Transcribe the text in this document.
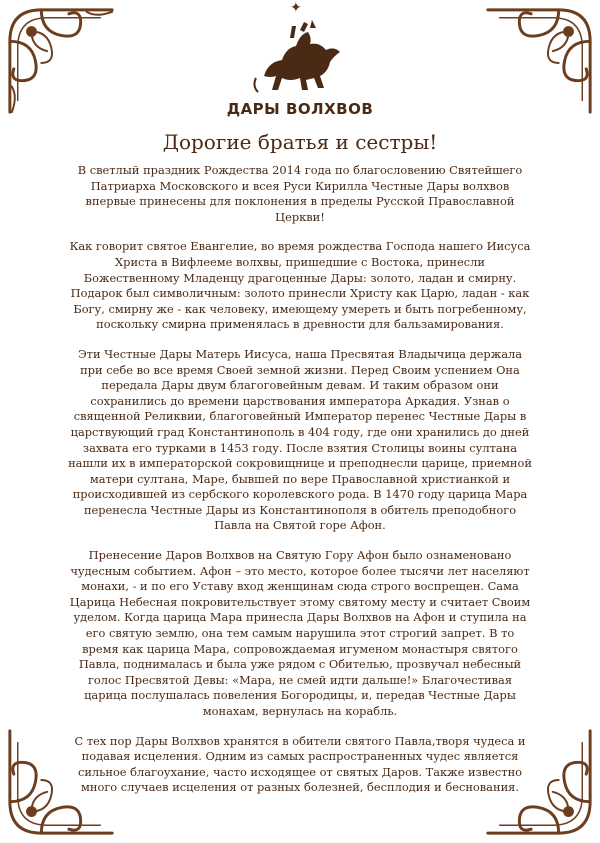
✦
ДАРЫ ВОЛХВОВ
Дорогие братья и сестры!

В светлый праздник Рождества 2014 года по благословению Святейшего Патриарха Московского и всея Руси Кирилла Честные Дары волхвов впервые принесены для поклонения в пределы Русской Православной Церкви!

Как говорит святое Евангелие, во время рождества Господа нашего Иисуса Христа в Вифлееме волхвы, пришедшие с Востока, принесли Божественному Младенцу драгоценные Дары: золото, ладан и смирну. Подарок был символичным: золото принесли Христу как Царю, ладан - как Богу, смирну же - как человеку, имеющему умереть и быть погребенному, поскольку смирна применялась в древности для бальзамирования.

Эти Честные Дары Матерь Иисуса, наша Пресвятая Владычица держала при себе во все время Своей земной жизни. Перед Своим успением Она передала Дары двум благоговейным девам. И таким образом они сохранились до времени царствования императора Аркадия. Узнав о священной Реликвии, благоговейный Император перенес Честные Дары в царствующий град Константинополь в 404 году, где они хранились до дней захвата его турками в 1453 году. После взятия Столицы воины султана нашли их в императорской сокровищнице и преподнесли царице, приемной матери султана, Маре, бывшей по вере Православной христианкой и происходившей из сербского королевского рода. В 1470 году царица Мара перенесла Честные Дары из Константинополя в обитель преподобного Павла на Святой горе Афон.

Пренесение Даров Волхвов на Святую Гору Афон было ознаменовано чудесным событием. Афон – это место, которое более тысячи лет населяют монахи, - и по его Уставу вход женщинам сюда строго воспрещен. Сама Царица Небесная покровительствует этому святому месту и считает Своим уделом. Когда царица Мара принесла Дары Волхвов на Афон и ступила на его святую землю, она тем самым нарушила этот строгий запрет. В то время как царица Мара, сопровождаемая игуменом монастыря святого Павла, поднималась и была уже рядом с Обителью, прозвучал небесный голос Пресвятой Девы: «Мара, не смей идти дальше!» Благочестивая царица послушалась повеления Богородицы, и, передав Честные Дары монахам, вернулась на корабль.

С тех пор Дары Волхвов хранятся в обители святого Павла,творя чудеса и подавая исцеления. Одним из самых распространенных чудес является сильное благоухание, часто исходящее от святых Даров. Также известно много случаев исцеления от разных болезней, бесплодия и беснования.
